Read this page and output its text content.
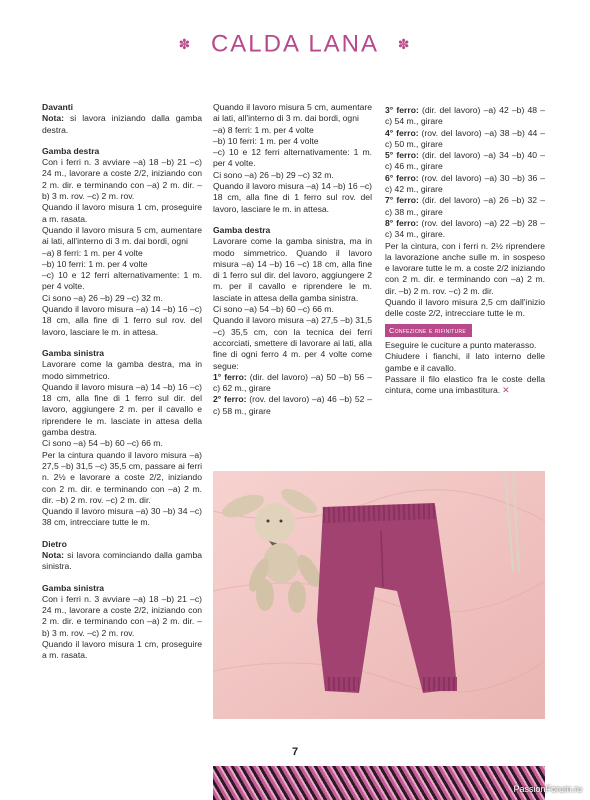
✽ CALDA LANA ✽

Davanti

Nota: si lavora iniziando dalla gamba destra.

Gamba destra

Con i ferri n. 3 avviare –a) 18 –b) 21 –c) 24 m., lavorare a coste 2/2, iniziando con 2 m. dir. e terminando con –a) 2 m. dir. –b) 3 m. rov. –c) 2 m. rov.

Quando il lavoro misura 1 cm, proseguire a m. rasata.

Quando il lavoro misura 5 cm, aumentare ai lati, all'interno di 3 m. dai bordi, ogni

–a) 8 ferri: 1 m. per 4 volte

–b) 10 ferri: 1 m. per 4 volte

–c) 10 e 12 ferri alternativamente: 1 m. per 4 volte.

Ci sono –a) 26 –b) 29 –c) 32 m.

Quando il lavoro misura –a) 14 –b) 16 –c) 18 cm, alla fine di 1 ferro sul rov. del lavoro, lasciare le m. in attesa.

Gamba sinistra

Lavorare come la gamba destra, ma in modo simmetrico.

Quando il lavoro misura –a) 14 –b) 16 –c) 18 cm, alla fine di 1 ferro sul dir. del lavoro, aggiungere 2 m. per il cavallo e riprendere le m. lasciate in attesa della gamba destra.

Ci sono –a) 54 –b) 60 –c) 66 m.

Per la cintura quando il lavoro misura –a) 27,5 –b) 31,5 –c) 35,5 cm, passare ai ferri n. 2½ e lavorare a coste 2/2, iniziando con 2 m. dir. e terminando con –a) 2 m. dir. –b) 2 m. rov. –c) 2 m. dir.

Quando il lavoro misura –a) 30 –b) 34 –c) 38 cm, intrecciare tutte le m.

Dietro

Nota: si lavora cominciando dalla gamba sinistra.

Gamba sinistra

Con i ferri n. 3 avviare –a) 18 –b) 21 –c) 24 m., lavorare a coste 2/2, iniziando con 2 m. dir. e terminando con –a) 2 m. dir. –b) 3 m. rov. –c) 2 m. rov.

Quando il lavoro misura 1 cm, proseguire a m. rasata.

Quando il lavoro misura 5 cm, aumentare ai lati, all'interno di 3 m. dai bordi, ogni

–a) 8 ferri: 1 m. per 4 volte

–b) 10 ferri: 1 m. per 4 volte

–c) 10 e 12 ferri alternativamente: 1 m. per 4 volte.

Ci sono –a) 26 –b) 29 –c) 32 m.

Quando il lavoro misura –a) 14 –b) 16 –c) 18 cm, alla fine di 1 ferro sul rov. del lavoro, lasciare le m. in attesa.

Gamba destra

Lavorare come la gamba sinistra, ma in modo simmetrico. Quando il lavoro misura –a) 14 –b) 16 –c) 18 cm, alla fine di 1 ferro sul dir. del lavoro, aggiungere 2 m. per il cavallo e riprendere le m. lasciate in attesa della gamba sinistra.

Ci sono –a) 54 –b) 60 –c) 66 m.

Quando il lavoro misura –a) 27,5 –b) 31,5 –c) 35,5 cm, con la tecnica dei ferri accorciati, smettere di lavorare ai lati, alla fine di ogni ferro 4 m. per 4 volte come segue:

1° ferro: (dir. del lavoro) –a) 50 –b) 56 –c) 62 m., girare

2° ferro: (rov. del lavoro) –a) 46 –b) 52 –c) 58 m., girare

3° ferro: (dir. del lavoro) –a) 42 –b) 48 –c) 54 m., girare

4° ferro: (rov. del lavoro) –a) 38 –b) 44 –c) 50 m., girare

5° ferro: (dir. del lavoro) –a) 34 –b) 40 –c) 46 m., girare

6° ferro: (rov. del lavoro) –a) 30 –b) 36 –c) 42 m., girare

7° ferro: (dir. del lavoro) –a) 26 –b) 32 –c) 38 m., girare

8° ferro: (rov. del lavoro) –a) 22 –b) 28 –c) 34 m., girare.

Per la cintura, con i ferri n. 2½ riprendere la lavorazione anche sulle m. in sospeso e lavorare tutte le m. a coste 2/2 iniziando con 2 m. dir. e terminando con –a) 2 m. dir. –b) 2 m. rov. –c) 2 m. dir.

Quando il lavoro misura 2,5 cm dall'inizio delle coste 2/2, intrecciare tutte le m.

Confezione e rifiniture

Eseguire le cuciture a punto materasso.

Chiudere i fianchi, il lato interno delle gambe e il cavallo.

Passare il filo elastico fra le coste della cintura, come una imbastitura. ✕

7
PassionForum.ru
